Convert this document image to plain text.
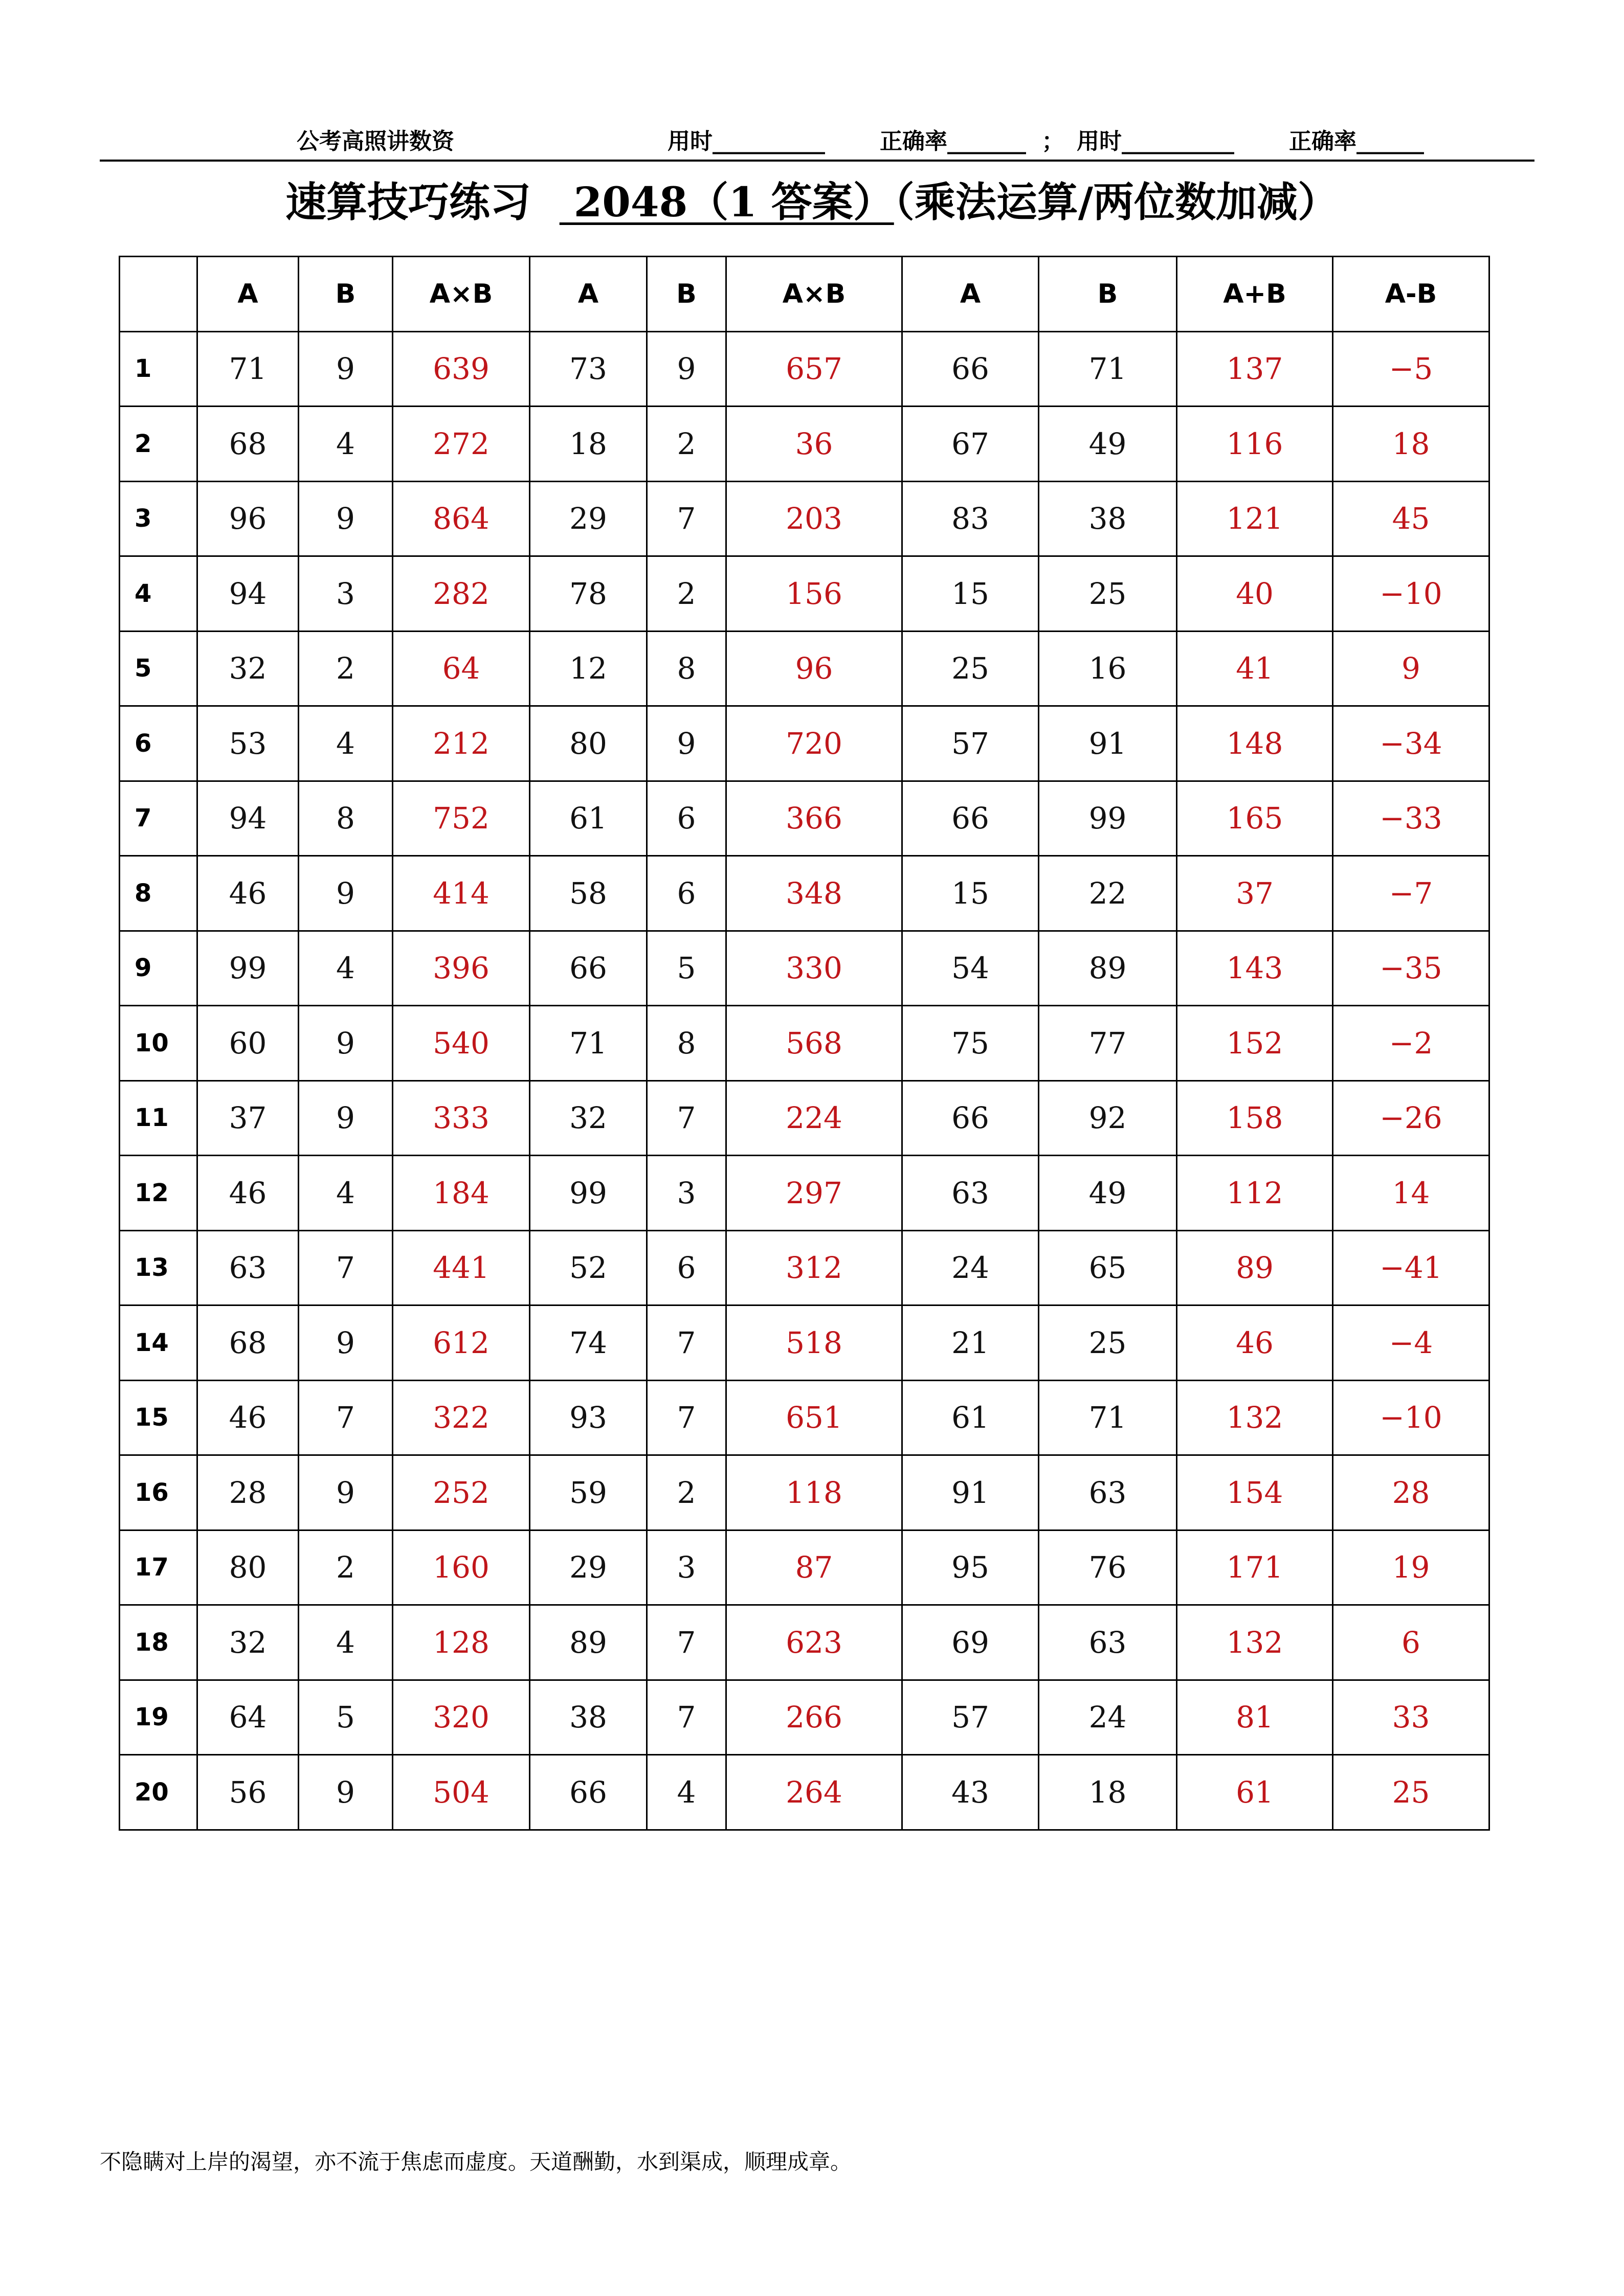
公考高照讲数资	用时__________ 正确率_______  ； 用时__________ 正确率______
速算技巧练习   2048（1 答案）（乘法运算/两位数加减）
	A	B	A×B	A	B	A×B	A	B	A+B	A-B
1	71	9	639	73	9	657	66	71	137	−5
2	68	4	272	18	2	36	67	49	116	18
3	96	9	864	29	7	203	83	38	121	45
4	94	3	282	78	2	156	15	25	40	−10
5	32	2	64	12	8	96	25	16	41	9
6	53	4	212	80	9	720	57	91	148	−34
7	94	8	752	61	6	366	66	99	165	−33
8	46	9	414	58	6	348	15	22	37	−7
9	99	4	396	66	5	330	54	89	143	−35
10	60	9	540	71	8	568	75	77	152	−2
11	37	9	333	32	7	224	66	92	158	−26
12	46	4	184	99	3	297	63	49	112	14
13	63	7	441	52	6	312	24	65	89	−41
14	68	9	612	74	7	518	21	25	46	−4
15	46	7	322	93	7	651	61	71	132	−10
16	28	9	252	59	2	118	91	63	154	28
17	80	2	160	29	3	87	95	76	171	19
18	32	4	128	89	7	623	69	63	132	6
19	64	5	320	38	7	266	57	24	81	33
20	56	9	504	66	4	264	43	18	61	25
不隐瞒对上岸的渴望，亦不流于焦虑而虚度。天道酬勤，水到渠成，顺理成章。
